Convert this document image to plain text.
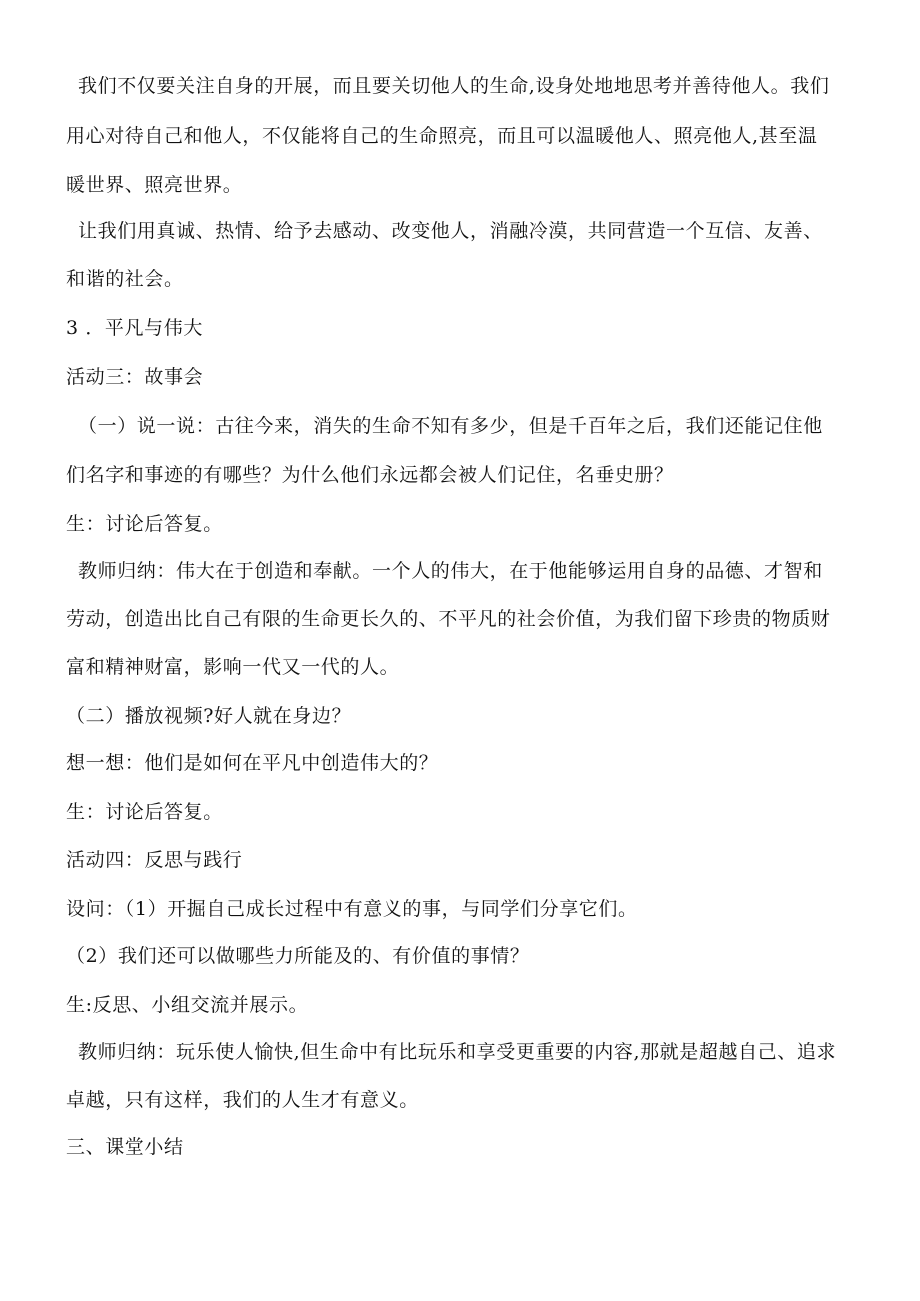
我们不仅要关注自身的开展，而且要关切他人的生命,设身处地地思考并善待他人。我们
用心对待自己和他人，不仅能将自己的生命照亮，而且可以温暖他人、照亮他人,甚至温
暖世界、照亮世界。
让我们用真诚、热情、给予去感动、改变他人，消融冷漠，共同营造一个互信、友善、
和谐的社会。
3 ．平凡与伟大
活动三：故事会
（一）说一说：古往今来，消失的生命不知有多少，但是千百年之后，我们还能记住他
们名字和事迹的有哪些？为什么他们永远都会被人们记住，名垂史册？
生：讨论后答复。
教师归纳：伟大在于创造和奉献。一个人的伟大，在于他能够运用自身的品德、才智和
劳动，创造出比自己有限的生命更长久的、不平凡的社会价值，为我们留下珍贵的物质财
富和精神财富，影响一代又一代的人。
（二）播放视频?好人就在身边？
想一想：他们是如何在平凡中创造伟大的？
生：讨论后答复。
活动四：反思与践行
设问：（1）开掘自己成长过程中有意义的事，与同学们分享它们。
（2）我们还可以做哪些力所能及的、有价值的事情？
生:反思、小组交流并展示。
教师归纳：玩乐使人愉快,但生命中有比玩乐和享受更重要的内容,那就是超越自己、追求
卓越，只有这样，我们的人生才有意义。
三、课堂小结
